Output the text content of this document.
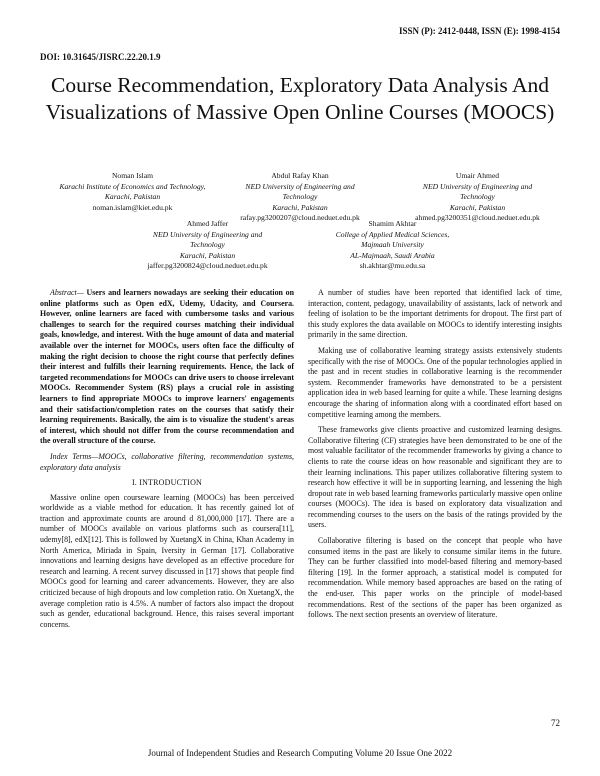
ISSN (P): 2412-0448, ISSN (E): 1998-4154
DOI: 10.31645/JISRC.22.20.1.9
Course Recommendation, Exploratory Data Analysis And Visualizations of Massive Open Online Courses (MOOCS)
Noman Islam
Karachi Institute of Economics and Technology,
Karachi, Pakistan
noman.islam@kiet.edu.pk
Abdul Rafay Khan
NED University of Engineering and Technology
Karachi, Pakistan
rafay.pg3200207@cloud.neduet.edu.pk
Umair Ahmed
NED University of Engineering and Technology
Karachi, Pakistan
ahmed.pg3200351@cloud.neduet.edu.pk
Ahmed Jaffer
NED University of Engineering and Technology
Karachi, Pakistan
jaffer.pg3200824@cloud.neduet.edu.pk
Shamim Akhtar
College of Applied Medical Sciences, Majmaah University
AL-Majmaah, Saudi Arabia
sh.akhtar@mu.edu.sa

Abstract— Users and learners nowadays are seeking their education on online platforms such as Open edX, Udemy, Udacity, and Coursera. However, online learners are faced with cumbersome tasks and various challenges to search for the required courses matching their individual goals, knowledge, and interest. With the huge amount of data and material available over the internet for MOOCs, users often face the difficulty of making the right decision to choose the right course that perfectly defines their interest and fulfills their learning requirements. Hence, the lack of targeted recommendations for MOOCs can drive users to choose irrelevant MOOCs. Recommender System (RS) plays a crucial role in assisting learners to find appropriate MOOCs to improve learners' engagements and their satisfaction/completion rates on the courses that satisfy their learning requirements. Basically, the aim is to visualize the student's areas of interest, which should not differ from the course recommendation and the overall structure of the course.

Index Terms—MOOCs, collaborative filtering, recommendation systems, exploratory data analysis

I. INTRODUCTION

Massive online open courseware learning (MOOCs) has been perceived worldwide as a viable method for education. It has recently gained lot of traction and approximate counts are around d 81,000,000 [17]. There are a number of MOOCs available on various platforms such as coursera[11], udemy[8], edX[12]. This is followed by XuetangX in China, Khan Academy in North America, Miriada in Spain, Iversity in German [17]. Collaborative innovations and learning designs have developed as an effective procedure for research and learning. A recent survey discussed in [17] shows that people find MOOCs good for learning and career advancements. However, they are also criticized because of high dropouts and low completion ratio. On XuetangX, the average completion ratio is 4.5%. A number of factors also impact the dropout such as gender, educational background. Hence, this raises several important concerns.

A number of studies have been reported that identified lack of time, interaction, content, pedagogy, unavailability of assistants, lack of network and feeling of isolation to be the important detriments for dropout. The first part of this study explores the data available on MOOCs to identify interesting insights primarily in the same direction.

Making use of collaborative learning strategy assists extensively students specifically with the rise of MOOCs. One of the popular technologies applied in the past and in recent studies in collaborative learning is the recommender system. Recommender frameworks have demonstrated to be a persistent application idea in web based learning for quite a while. These learning designs encourage the sharing of information along with a coordinated effort based on competitive learning among the members.

These frameworks give clients proactive and customized learning designs. Collaborative filtering (CF) strategies have been demonstrated to be one of the most valuable facilitator of the recommender frameworks by giving a chance to clients to rate the course ideas on how reasonable and significant they are to their learning inclinations. This paper utilizes collaborative filtering system to research how effective it will be in supporting learning, and lessening the high dropout rate in web based learning frameworks particularly massive open online courses (MOOCs). The idea is based on exploratory data visualization and recommending courses to the users on the basis of the ratings provided by the users.

Collaborative filtering is based on the concept that people who have consumed items in the past are likely to consume similar items in the future. They can be further classified into model-based filtering and memory-based filtering [19]. In the former approach, a statistical model is computed for recommendation. While memory based approaches are based on the rating of the end-user. This paper works on the principle of model-based recommendations. Rest of the sections of the paper has been organized as follows. The next section presents an overview of literature.

72
Journal of Independent Studies and Research Computing Volume 20 Issue One 2022
